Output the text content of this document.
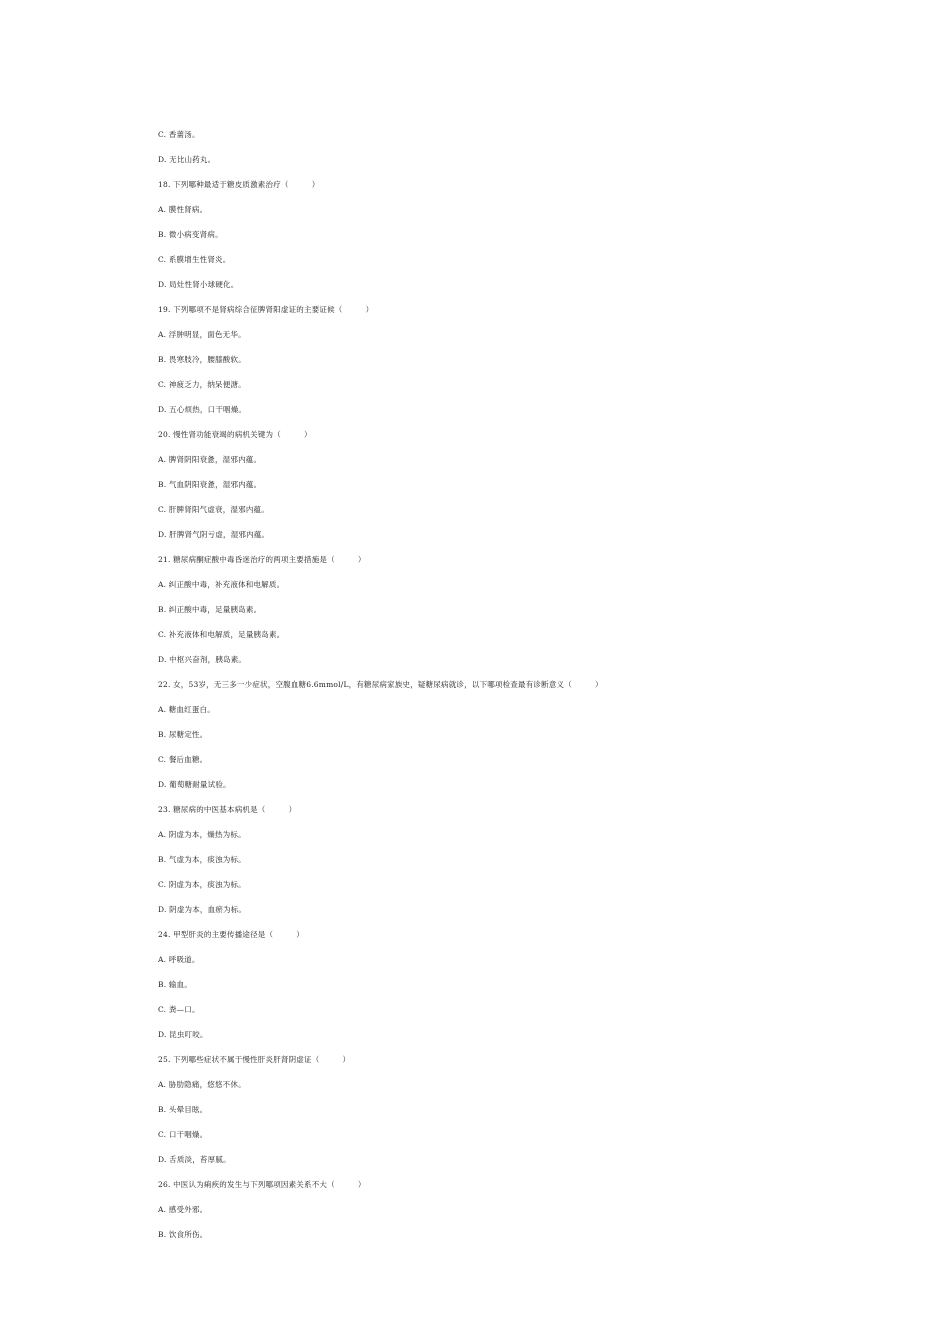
C. 香薷汤。
D. 无比山药丸。
18. 下列哪种最适于糖皮质激素治疗（　　　）
A. 膜性肾病。
B. 微小病变肾病。
C. 系膜增生性肾炎。
D. 局灶性肾小球硬化。
19. 下列哪项不是肾病综合征脾肾阳虚证的主要证候（　　　）
A. 浮肿明显，面色无华。
B. 畏寒肢冷，腰膝酸软。
C. 神疲乏力，纳呆便溏。
D. 五心烦热，口干咽燥。
20. 慢性肾功能衰竭的病机关键为（　　　）
A. 脾肾阴阳衰惫，湿邪内蕴。
B. 气血阴阳衰惫，湿邪内蕴。
C. 肝脾肾阳气虚衰，湿邪内蕴。
D. 肝脾肾气阴亏虚，湿邪内蕴。
21. 糖尿病酮症酸中毒昏迷治疗的两项主要措施是（　　　）
A. 纠正酸中毒，补充液体和电解质。
B. 纠正酸中毒，足量胰岛素。
C. 补充液体和电解质，足量胰岛素。
D. 中枢兴奋剂，胰岛素。
22. 女，53岁，无三多一少症状，空腹血糖6.6mmol/L，有糖尿病家族史，疑糖尿病就诊，以下哪项检查最有诊断意义（　　　）
A. 糖血红蛋白。
B. 尿糖定性。
C. 餐后血糖。
D. 葡萄糖耐量试验。
23. 糖尿病的中医基本病机是（　　　）
A. 阴虚为本，燥热为标。
B. 气虚为本，痰浊为标。
C. 阴虚为本，痰浊为标。
D. 阴虚为本，血瘀为标。
24. 甲型肝炎的主要传播途径是（　　　）
A. 呼吸道。
B. 输血。
C. 粪—口。
D. 昆虫叮咬。
25. 下列哪些症状不属于慢性肝炎肝肾阴虚证（　　　）
A. 胁肋隐痛，悠悠不休。
B. 头晕目眩。
C. 口干咽燥。
D. 舌质淡，苔厚腻。
26. 中医认为痢疾的发生与下列哪项因素关系不大（　　　）
A. 感受外邪。
B. 饮食所伤。
